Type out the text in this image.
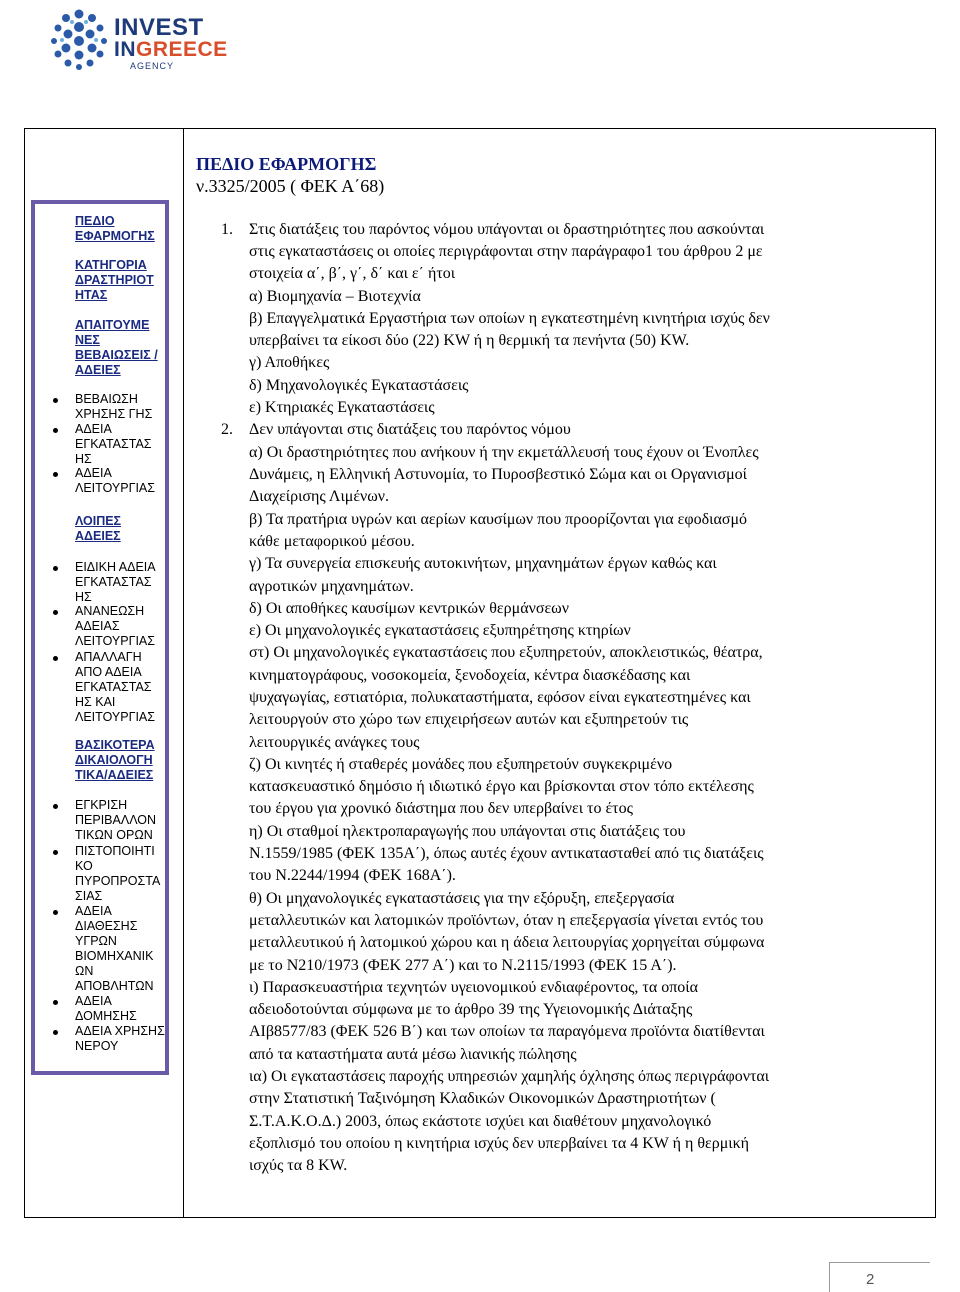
INVEST
INGREECE
AGENCY
ΠΕΔΙΟ ΕΦΑΡΜΟΓΗΣ
ν.3325/2005 ( ΦΕΚ Α΄68)
ΠΕΔΙΟ ΕΦΑΡΜΟΓΗΣ
ΚΑΤΗΓΟΡΙΑ ΔΡΑΣΤΗΡΙΟΤ ΗΤΑΣ
ΑΠΑΙΤΟΥΜΕ ΝΕΣ ΒΕΒΑΙΩΣΕΙΣ /ΑΔΕΙΕΣ
ΒΕΒΑΙΩΣΗ ΧΡΗΣΗΣ ΓΗΣ
ΑΔΕΙΑ ΕΓΚΑΤΑΣΤΑΣ ΗΣ
ΑΔΕΙΑ ΛΕΙΤΟΥΡΓΙΑΣ
ΛΟΙΠΕΣ ΑΔΕΙΕΣ
ΕΙΔΙΚΗ ΑΔΕΙΑ ΕΓΚΑΤΑΣΤΑΣ ΗΣ
ΑΝΑΝΕΩΣΗ ΑΔΕΙΑΣ ΛΕΙΤΟΥΡΓΙΑΣ
ΑΠΑΛΛΑΓΗ ΑΠΟ ΑΔΕΙΑ ΕΓΚΑΤΑΣΤΑΣ ΗΣ ΚΑΙ ΛΕΙΤΟΥΡΓΙΑΣ
ΒΑΣΙΚΟΤΕΡΑ ΔΙΚΑΙΟΛΟΓΗ ΤΙΚΑ/ΑΔΕΙΕΣ
ΕΓΚΡΙΣΗ ΠΕΡΙΒΑΛΛΟΝ ΤΙΚΩΝ ΟΡΩΝ
ΠΙΣΤΟΠΟΙΗΤΙ ΚΟ ΠΥΡΟΠΡΟΣΤΑ ΣΙΑΣ
ΑΔΕΙΑ ΔΙΑΘΕΣΗΣ ΥΓΡΩΝ ΒΙΟΜΗΧΑΝΙΚ ΩΝ ΑΠΟΒΛΗΤΩΝ
ΑΔΕΙΑ ΔΟΜΗΣΗΣ
ΑΔΕΙΑ ΧΡΗΣΗΣ ΝΕΡΟΥ
1. Στις διατάξεις του παρόντος νόμου υπάγονται οι δραστηριότητες που ασκούνται
στις εγκαταστάσεις οι οποίες περιγράφονται στην παράγραφο1 του άρθρου 2 με
στοιχεία α΄, β΄, γ΄, δ΄ και ε΄ ήτοι
α) Βιομηχανία – Βιοτεχνία
β) Επαγγελματικά Εργαστήρια των οποίων η εγκατεστημένη κινητήρια ισχύς δεν
υπερβαίνει τα είκοσι δύο (22) KW ή η θερμική τα πενήντα (50) KW.
γ) Αποθήκες
δ) Μηχανολογικές Εγκαταστάσεις
ε) Κτηριακές Εγκαταστάσεις
2. Δεν υπάγονται στις διατάξεις του παρόντος νόμου
α) Οι δραστηριότητες που ανήκουν ή την εκμετάλλευσή τους έχουν οι Ένοπλες
Δυνάμεις, η Ελληνική Αστυνομία, το Πυροσβεστικό Σώμα και οι Οργανισμοί
Διαχείρισης Λιμένων.
β) Τα πρατήρια υγρών και αερίων καυσίμων που προορίζονται για εφοδιασμό
κάθε μεταφορικού μέσου.
γ) Τα συνεργεία επισκευής αυτοκινήτων, μηχανημάτων έργων καθώς και
αγροτικών μηχανημάτων.
δ) Οι αποθήκες καυσίμων κεντρικών θερμάνσεων
ε) Οι μηχανολογικές εγκαταστάσεις εξυπηρέτησης κτηρίων
στ) Οι μηχανολογικές εγκαταστάσεις που εξυπηρετούν, αποκλειστικώς, θέατρα,
κινηματογράφους, νοσοκομεία, ξενοδοχεία, κέντρα διασκέδασης και
ψυχαγωγίας, εστιατόρια, πολυκαταστήματα, εφόσον είναι εγκατεστημένες και
λειτουργούν στο χώρο των επιχειρήσεων αυτών και εξυπηρετούν τις
λειτουργικές ανάγκες τους
ζ) Οι κινητές ή σταθερές μονάδες που εξυπηρετούν συγκεκριμένο
κατασκευαστικό δημόσιο ή ιδιωτικό έργο και βρίσκονται στον τόπο εκτέλεσης
του έργου για χρονικό διάστημα που δεν υπερβαίνει το έτος
η) Οι σταθμοί ηλεκτροπαραγωγής που υπάγονται στις διατάξεις του
Ν.1559/1985 (ΦΕΚ 135Α΄), όπως αυτές έχουν αντικατασταθεί από τις διατάξεις
του Ν.2244/1994 (ΦΕΚ 168Α΄).
θ) Οι μηχανολογικές εγκαταστάσεις για την εξόρυξη, επεξεργασία
μεταλλευτικών και λατομικών προϊόντων, όταν η επεξεργασία γίνεται εντός του
μεταλλευτικού ή λατομικού χώρου και η άδεια λειτουργίας χορηγείται σύμφωνα
με το Ν210/1973 (ΦΕΚ 277 Α΄) και το Ν.2115/1993 (ΦΕΚ 15 Α΄).
ι) Παρασκευαστήρια τεχνητών υγειονομικού ενδιαφέροντος, τα οποία
αδειοδοτούνται σύμφωνα με το άρθρο 39 της Υγειονομικής Διάταξης
ΑΙβ8577/83 (ΦΕΚ 526 Β΄) και των οποίων τα παραγόμενα προϊόντα διατίθενται
από τα καταστήματα αυτά μέσω λιανικής πώλησης
ια) Οι εγκαταστάσεις παροχής υπηρεσιών χαμηλής όχλησης όπως περιγράφονται
στην Στατιστική Ταξινόμηση Κλαδικών Οικονομικών Δραστηριοτήτων (
Σ.Τ.Α.Κ.Ο.Δ.) 2003, όπως εκάστοτε ισχύει και διαθέτουν μηχανολογικό
εξοπλισμό του οποίου η κινητήρια ισχύς δεν υπερβαίνει τα 4 KW ή η θερμική
ισχύς τα 8 KW.
2
